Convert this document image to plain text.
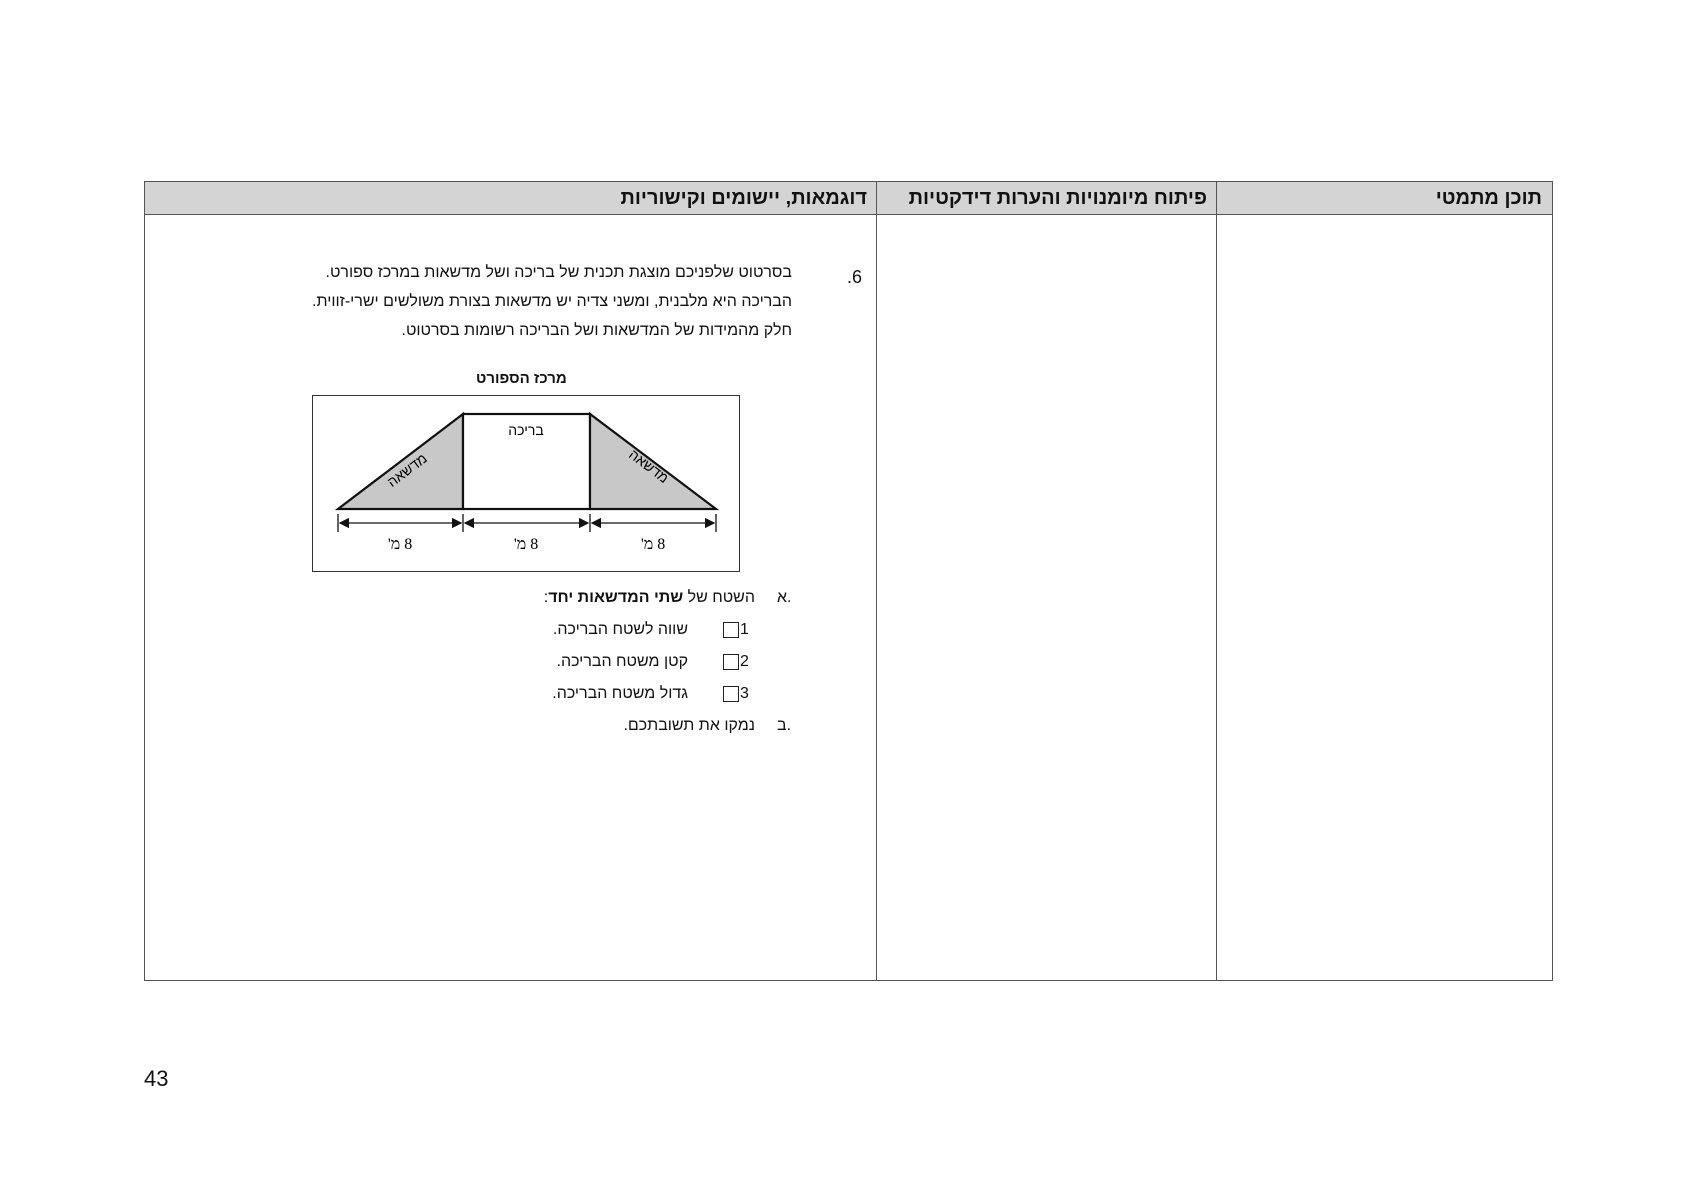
דוגמאות, יישומים וקישוריות	פיתוח מיומנויות והערות דידקטיות	תוכן מתמטי
.6
בסרטוט שלפניכם מוצגת תכנית של בריכה ושל מדשאות במרכז ספורט.
הבריכה היא מלבנית, ומשני צדיה יש מדשאות בצורת משולשים ישרי-זווית.
חלק מהמידות של המדשאות ושל הבריכה רשומות בסרטוט.
מרכז הספורט
בריכה
מדשאה	מדשאה
8 מ'	8 מ'	8 מ'
א.
השטח של שתי המדשאות יחד:
1
שווה לשטח הבריכה.
2
קטן משטח הבריכה.
3
גדול משטח הבריכה.
ב.
נמקו את תשובתכם.
43
